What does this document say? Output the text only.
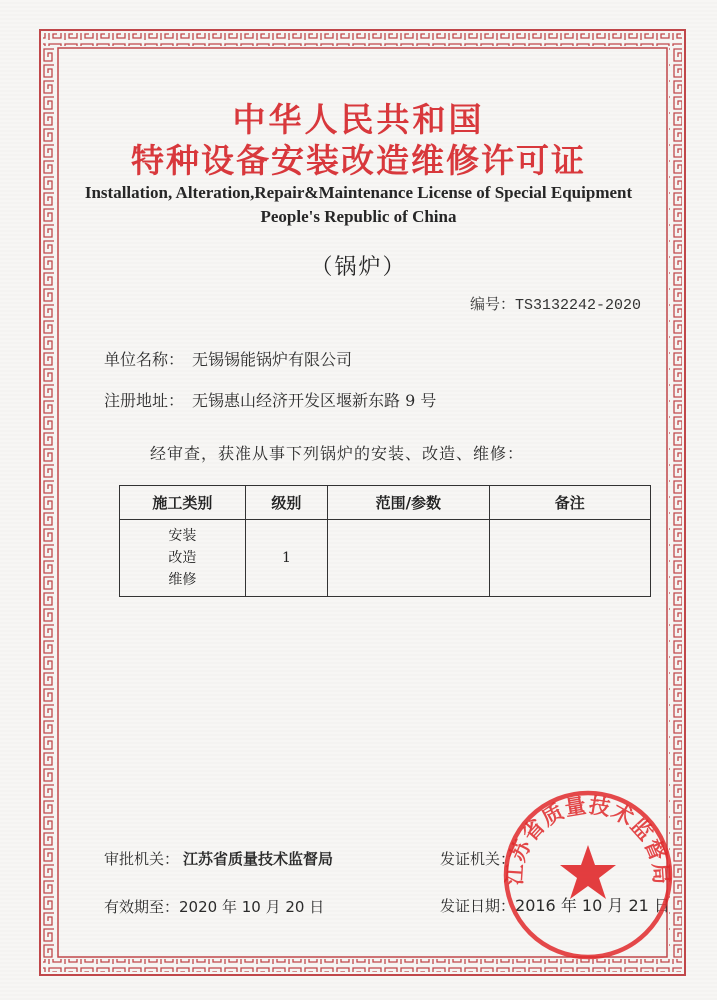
中华人民共和国
特种设备安装改造维修许可证
Installation, Alteration,Repair&Maintenance License of Special Equipment
People's Republic of China
（锅炉）
编号：TS3132242-2020
单位名称： 无锡锡能锅炉有限公司
注册地址： 无锡惠山经济开发区堰新东路 9 号
经审查，获准从事下列锅炉的安装、改造、维修：
施工类别	级别	范围/参数	备注

安装
改造
维修	1		
审批机关： 江苏省质量技术监督局	发证机关：
有效期至：2020 年 10 月 20 日	发证日期：2016 年 10 月 21 日
江苏省质量技术监督局
